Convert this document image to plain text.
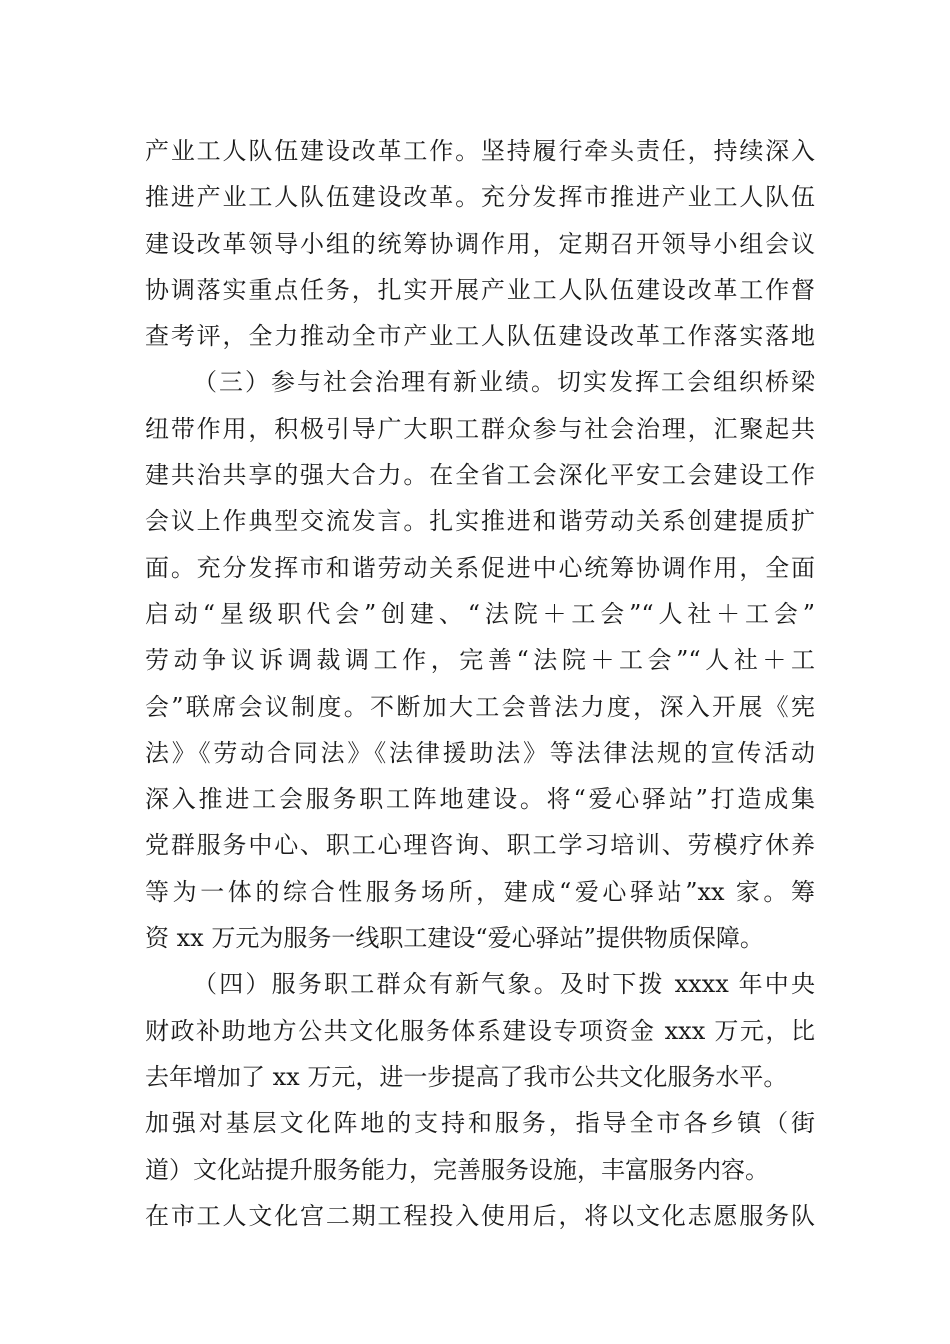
产业工人队伍建设改革工作。坚持履行牵头责任，持续深入
推进产业工人队伍建设改革。充分发挥市推进产业工人队伍
建设改革领导小组的统筹协调作用，定期召开领导小组会议
协调落实重点任务，扎实开展产业工人队伍建设改革工作督
查考评，全力推动全市产业工人队伍建设改革工作落实落地
（三）参与社会治理有新业绩。切实发挥工会组织桥梁
纽带作用，积极引导广大职工群众参与社会治理，汇聚起共
建共治共享的强大合力。在全省工会深化平安工会建设工作
会议上作典型交流发言。扎实推进和谐劳动关系创建提质扩
面。充分发挥市和谐劳动关系促进中心统筹协调作用，全面
启动“星级职代会”创建、“法院＋工会”“人社＋工会”
劳动争议诉调裁调工作，完善“法院＋工会”“人社＋工
会”联席会议制度。不断加大工会普法力度，深入开展《宪
法》《劳动合同法》《法律援助法》等法律法规的宣传活动
深入推进工会服务职工阵地建设。将“爱心驿站”打造成集
党群服务中心、职工心理咨询、职工学习培训、劳模疗休养
等为一体的综合性服务场所，建成“爱心驿站”xx 家。筹
资 xx 万元为服务一线职工建设“爱心驿站”提供物质保障。
（四）服务职工群众有新气象。及时下拨 xxxx 年中央
财政补助地方公共文化服务体系建设专项资金 xxx 万元，比
去年增加了 xx 万元，进一步提高了我市公共文化服务水平。
加强对基层文化阵地的支持和服务，指导全市各乡镇（街
道）文化站提升服务能力，完善服务设施，丰富服务内容。
在市工人文化宫二期工程投入使用后，将以文化志愿服务队
